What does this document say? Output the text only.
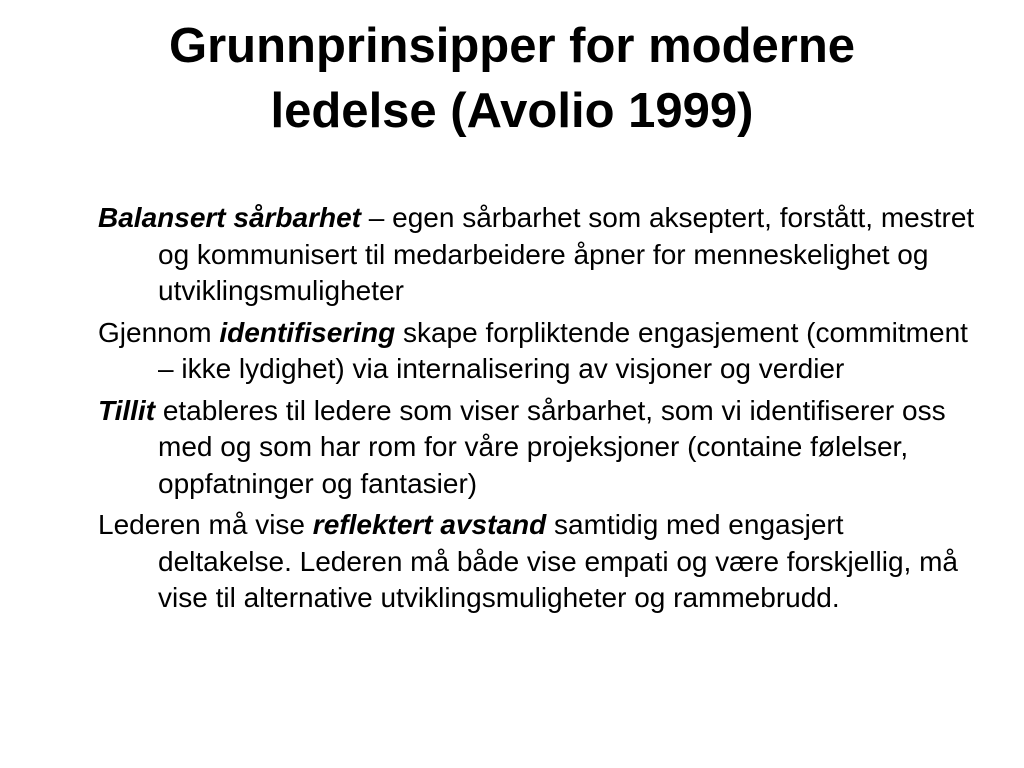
Grunnprinsipper for moderne
ledelse (Avolio 1999)
Balansert sårbarhet – egen sårbarhet som akseptert, forstått, mestret og kommunisert til medarbeidere åpner for menneskelighet og utviklingsmuligheter
Gjennom identifisering skape forpliktende engasjement (commitment – ikke lydighet) via internalisering av visjoner og verdier
Tillit etableres til ledere som viser sårbarhet, som vi identifiserer oss med og som har rom for våre projeksjoner (containe følelser, oppfatninger og fantasier)
Lederen må vise reflektert avstand samtidig med engasjert deltakelse. Lederen må både vise empati og være forskjellig, må vise til alternative utviklingsmuligheter og rammebrudd.
